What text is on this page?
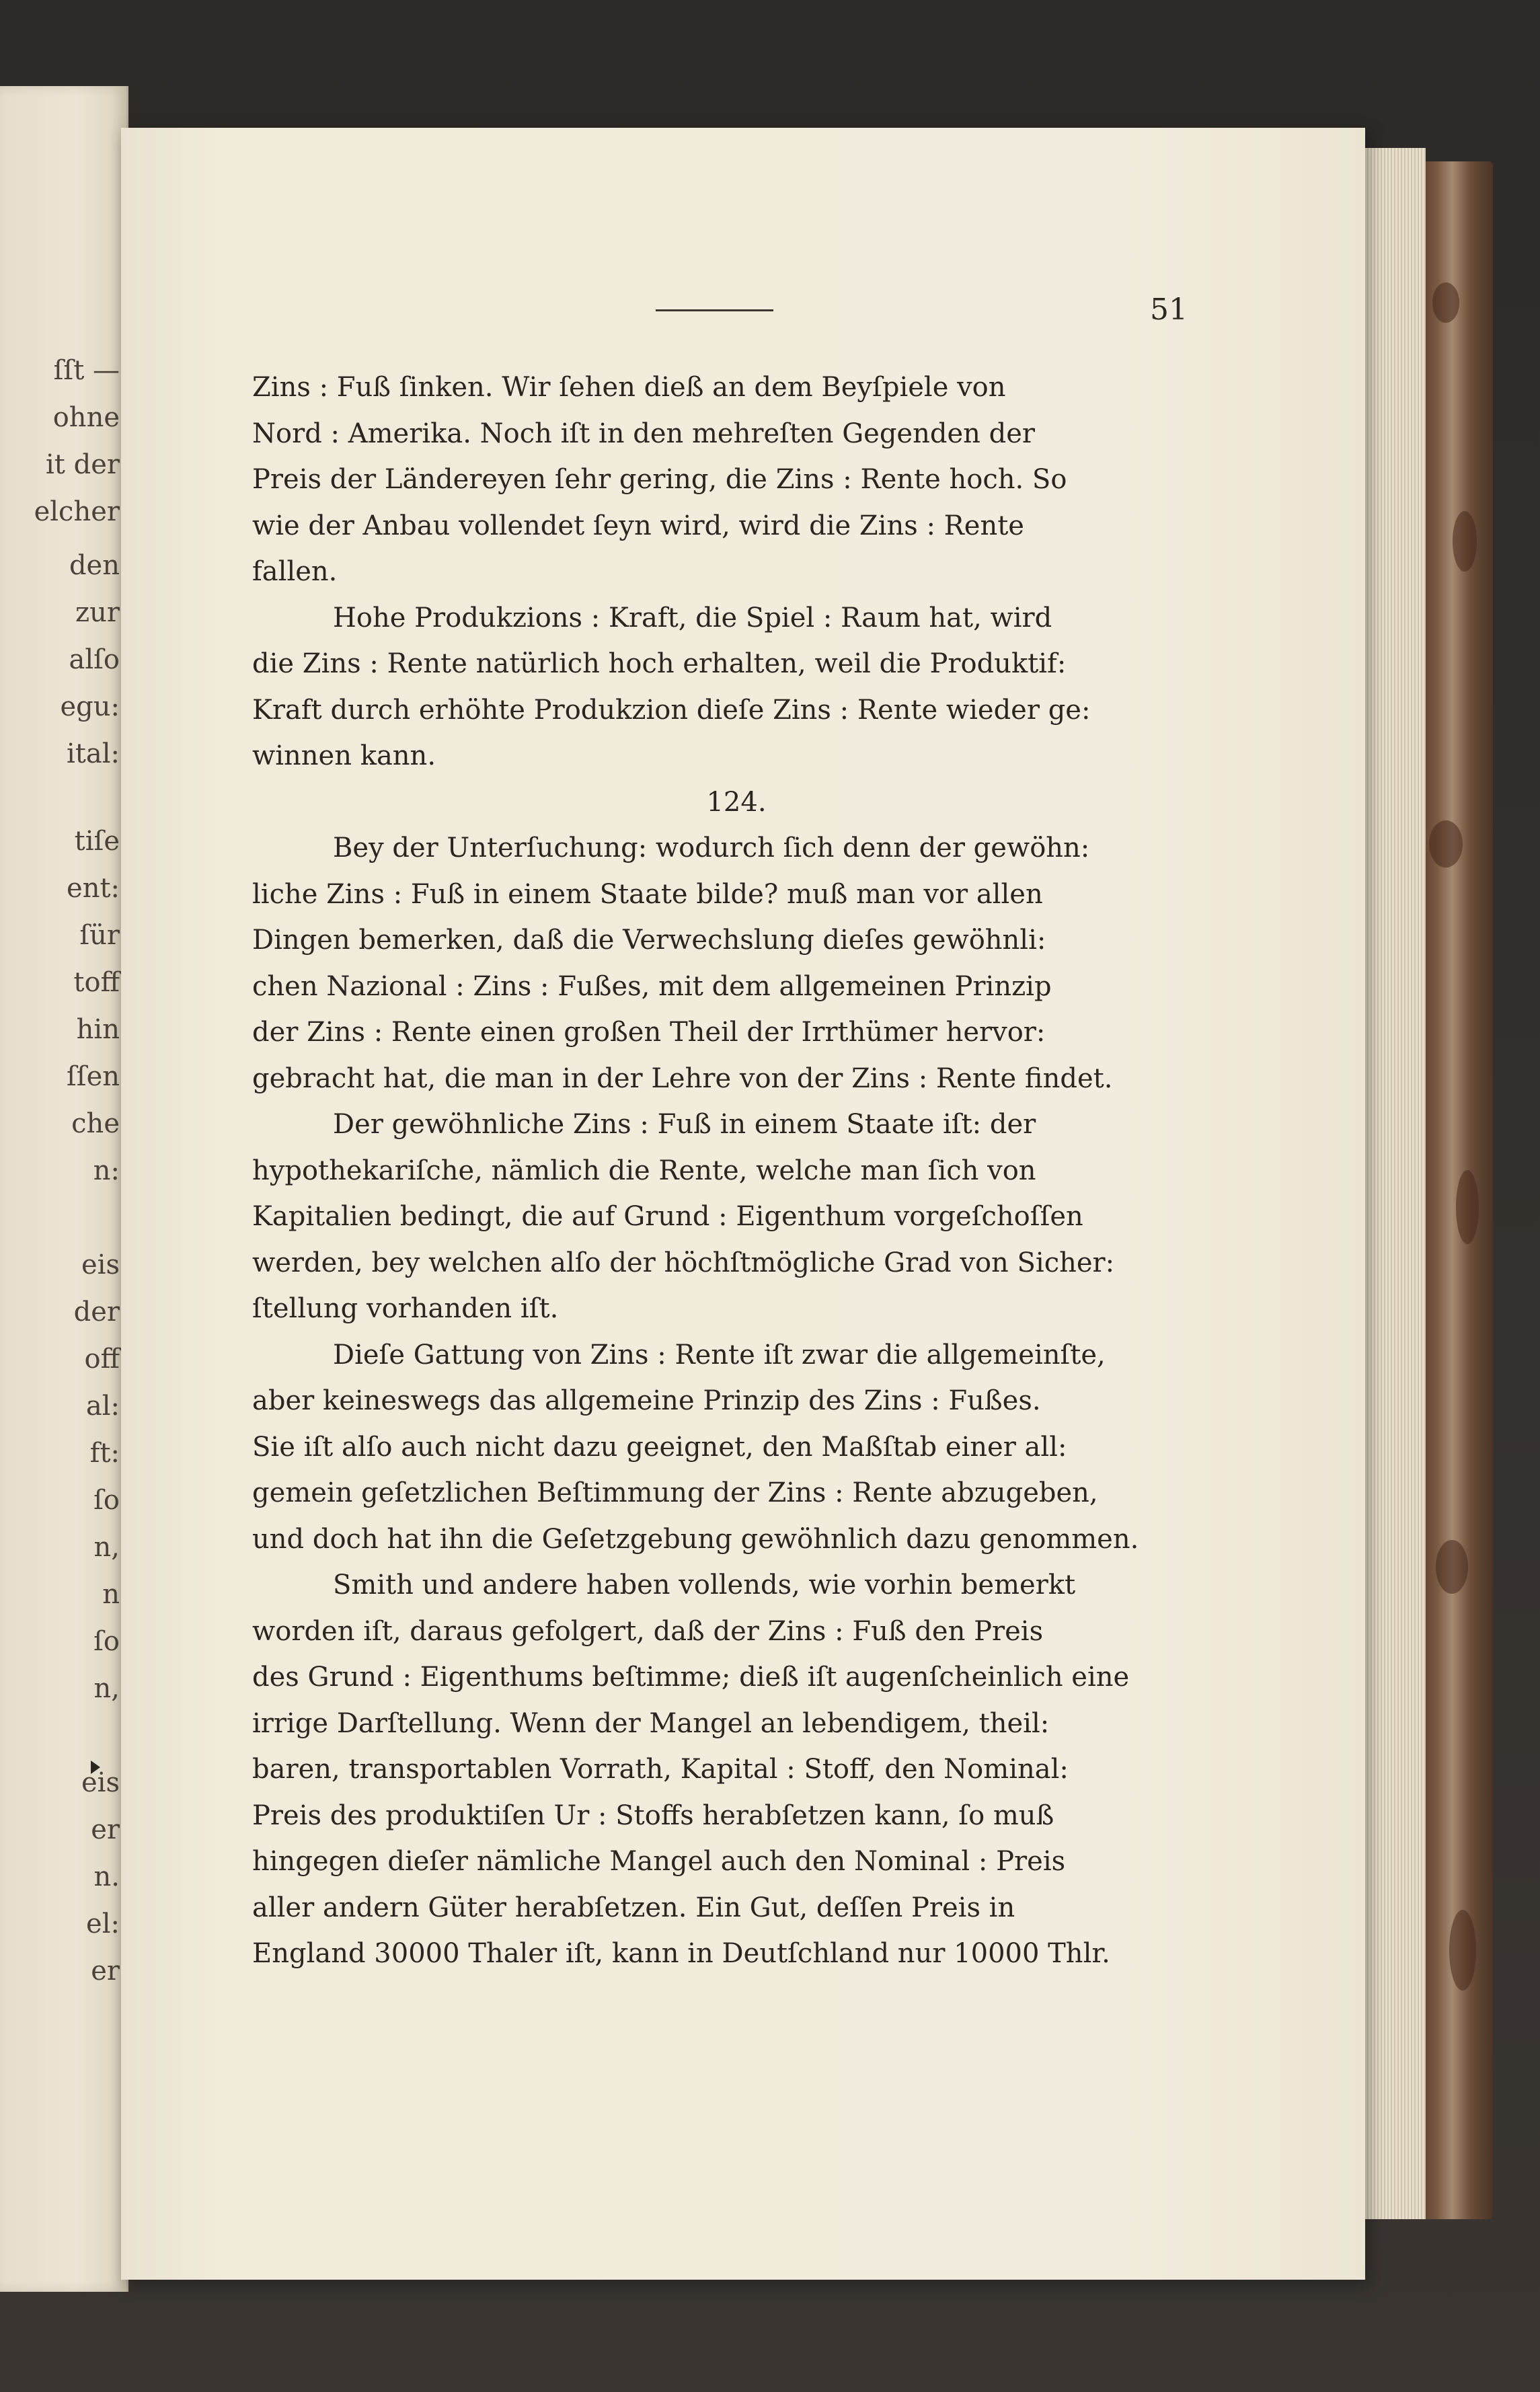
ſſt —
ohne
it der
elcher
den
zur
alſo
egu:
ital:
tiſe
ent:
ſür
toff
hin
ſſen
che
n:
eis
der
off
al:
ft:
ſo
n,
n
ſo
n,
eis
er
n.
el:
er
51
Zins : Fuß ſinken. Wir ſehen dieß an dem Beyſpiele von
Nord : Amerika. Noch iſt in den mehreſten Gegenden der
Preis der Ländereyen ſehr gering, die Zins : Rente hoch. So
wie der Anbau vollendet ſeyn wird, wird die Zins : Rente
fallen.
Hohe Produkzions : Kraft, die Spiel : Raum hat, wird
die Zins : Rente natürlich hoch erhalten, weil die Produktif:
Kraft durch erhöhte Produkzion dieſe Zins : Rente wieder ge:
winnen kann.
124.
Bey der Unterſuchung: wodurch ſich denn der gewöhn:
liche Zins : Fuß in einem Staate bilde? muß man vor allen
Dingen bemerken, daß die Verwechslung dieſes gewöhnli:
chen Nazional : Zins : Fußes, mit dem allgemeinen Prinzip
der Zins : Rente einen großen Theil der Irrthümer hervor:
gebracht hat, die man in der Lehre von der Zins : Rente findet.
Der gewöhnliche Zins : Fuß in einem Staate iſt: der
hypothekariſche, nämlich die Rente, welche man ſich von
Kapitalien bedingt, die auf Grund : Eigenthum vorgeſchoſſen
werden, bey welchen alſo der höchſtmögliche Grad von Sicher:
ſtellung vorhanden iſt.
Dieſe Gattung von Zins : Rente iſt zwar die allgemeinſte,
aber keineswegs das allgemeine Prinzip des Zins : Fußes.
Sie iſt alſo auch nicht dazu geeignet, den Maßſtab einer all:
gemein geſetzlichen Beſtimmung der Zins : Rente abzugeben,
und doch hat ihn die Geſetzgebung gewöhnlich dazu genommen.
Smith und andere haben vollends, wie vorhin bemerkt
worden iſt, daraus gefolgert, daß der Zins : Fuß den Preis
des Grund : Eigenthums beſtimme; dieß iſt augenſcheinlich eine
irrige Darſtellung. Wenn der Mangel an lebendigem, theil:
baren, transportablen Vorrath, Kapital : Stoff, den Nominal:
Preis des produktiſen Ur : Stoffs herabſetzen kann, ſo muß
hingegen dieſer nämliche Mangel auch den Nominal : Preis
aller andern Güter herabſetzen. Ein Gut, deſſen Preis in
England 30000 Thaler iſt, kann in Deutſchland nur 10000 Thlr.
